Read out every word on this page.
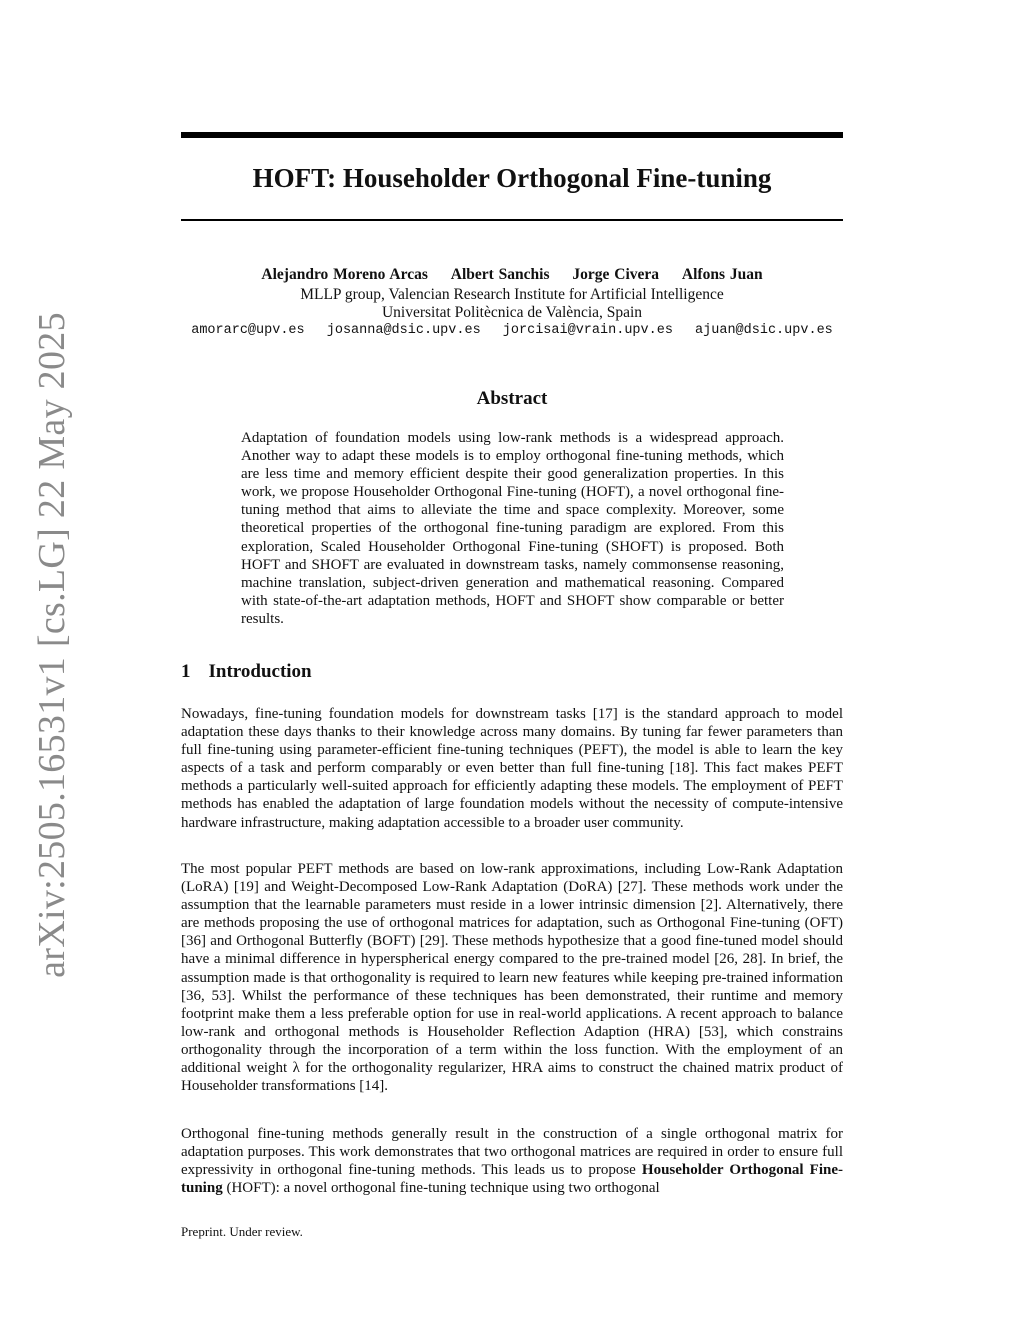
arXiv:2505.16531v1 [cs.LG] 22 May 2025
HOFT: Householder Orthogonal Fine-tuning
Alejandro Moreno Arcas Albert Sanchis Jorge Civera Alfons Juan
MLLP group, Valencian Research Institute for Artificial Intelligence
Universitat Politècnica de València, Spain
amorarc@upv.es josanna@dsic.upv.es jorcisai@vrain.upv.es ajuan@dsic.upv.es
Abstract

Adaptation of foundation models using low-rank methods is a widespread approach. Another way to adapt these models is to employ orthogonal fine-tuning methods, which are less time and memory efficient despite their good generalization properties. In this work, we propose Householder Orthogonal Fine-tuning (HOFT), a novel orthogonal fine-tuning method that aims to alleviate the time and space complexity. Moreover, some theoretical properties of the orthogonal fine-tuning paradigm are explored. From this exploration, Scaled Householder Orthogonal Fine-tuning (SHOFT) is proposed. Both HOFT and SHOFT are evaluated in downstream tasks, namely commonsense reasoning, machine translation, subject-driven generation and mathematical reasoning. Compared with state-of-the-art adaptation methods, HOFT and SHOFT show comparable or better results.

1 Introduction

Nowadays, fine-tuning foundation models for downstream tasks [17] is the standard approach to model adaptation these days thanks to their knowledge across many domains. By tuning far fewer parameters than full fine-tuning using parameter-efficient fine-tuning techniques (PEFT), the model is able to learn the key aspects of a task and perform comparably or even better than full fine-tuning [18]. This fact makes PEFT methods a particularly well-suited approach for efficiently adapting these models. The employment of PEFT methods has enabled the adaptation of large foundation models without the necessity of compute-intensive hardware infrastructure, making adaptation accessible to a broader user community.

The most popular PEFT methods are based on low-rank approximations, including Low-Rank Adaptation (LoRA) [19] and Weight-Decomposed Low-Rank Adaptation (DoRA) [27]. These methods work under the assumption that the learnable parameters must reside in a lower intrinsic dimension [2]. Alternatively, there are methods proposing the use of orthogonal matrices for adaptation, such as Orthogonal Fine-tuning (OFT) [36] and Orthogonal Butterfly (BOFT) [29]. These methods hypothesize that a good fine-tuned model should have a minimal difference in hyperspherical energy compared to the pre-trained model [26, 28]. In brief, the assumption made is that orthogonality is required to learn new features while keeping pre-trained information [36, 53]. Whilst the performance of these techniques has been demonstrated, their runtime and memory footprint make them a less preferable option for use in real-world applications. A recent approach to balance low-rank and orthogonal methods is Householder Reflection Adaption (HRA) [53], which constrains orthogonality through the incorporation of a term within the loss function. With the employment of an additional weight λ for the orthogonality regularizer, HRA aims to construct the chained matrix product of Householder transformations [14].

Orthogonal fine-tuning methods generally result in the construction of a single orthogonal matrix for adaptation purposes. This work demonstrates that two orthogonal matrices are required in order to ensure full expressivity in orthogonal fine-tuning methods. This leads us to propose Householder Orthogonal Fine-tuning (HOFT): a novel orthogonal fine-tuning technique using two orthogonal

Preprint. Under review.
